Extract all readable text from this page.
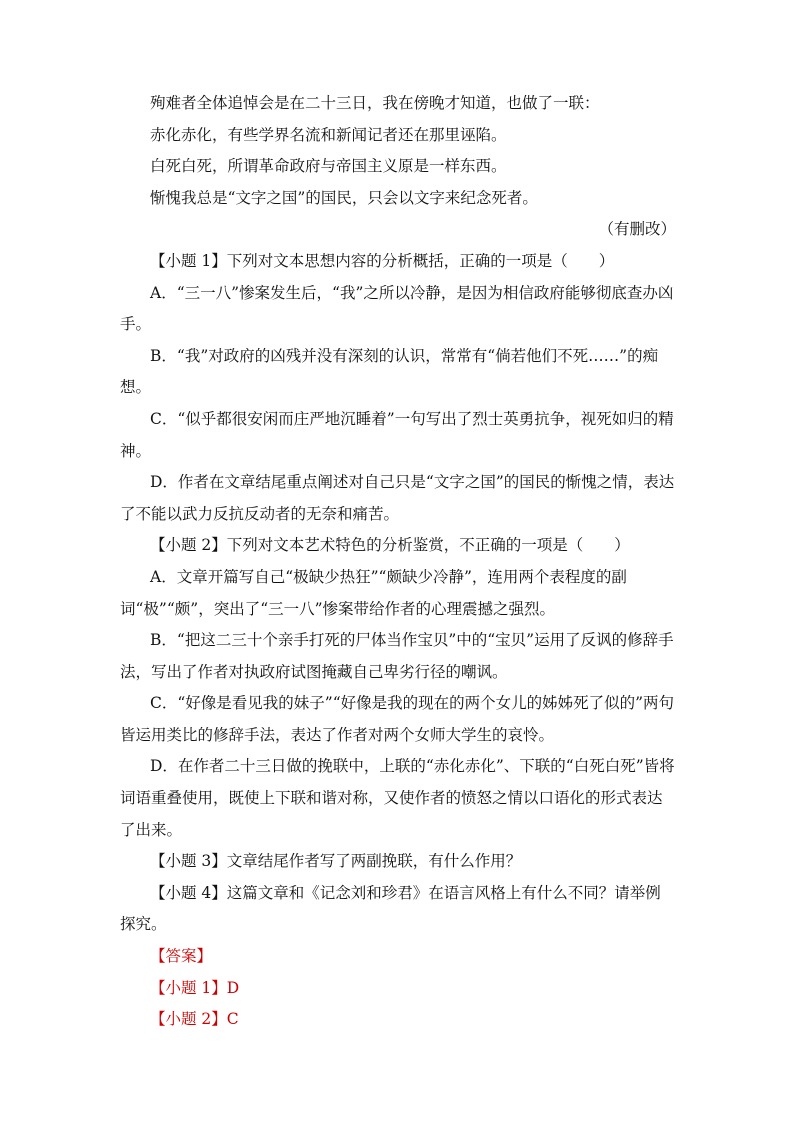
殉难者全体追悼会是在二十三日，我在傍晚才知道，也做了一联：

赤化赤化，有些学界名流和新闻记者还在那里诬陷。

白死白死，所谓革命政府与帝国主义原是一样东西。

惭愧我总是“文字之国”的国民，只会以文字来纪念死者。

（有删改）

【小题 1】下列对文本思想内容的分析概括，正确的一项是（　　）

A．“三一八”惨案发生后，“我”之所以冷静，是因为相信政府能够彻底查办凶手。

B．“我”对政府的凶残并没有深刻的认识，常常有“倘若他们不死……”的痴想。

C．“似乎都很安闲而庄严地沉睡着”一句写出了烈士英勇抗争，视死如归的精神。

D．作者在文章结尾重点阐述对自己只是“文字之国”的国民的惭愧之情，表达了不能以武力反抗反动者的无奈和痛苦。

【小题 2】下列对文本艺术特色的分析鉴赏，不正确的一项是（　　）

A．文章开篇写自己“极缺少热狂”“颇缺少冷静”，连用两个表程度的副词“极”“颇”，突出了“三一八”惨案带给作者的心理震撼之强烈。

B．“把这二三十个亲手打死的尸体当作宝贝”中的“宝贝”运用了反讽的修辞手法，写出了作者对执政府试图掩藏自己卑劣行径的嘲讽。

C．“好像是看见我的妹子”“好像是我的现在的两个女儿的姊姊死了似的”两句皆运用类比的修辞手法，表达了作者对两个女师大学生的哀怜。

D．在作者二十三日做的挽联中，上联的“赤化赤化”、下联的“白死白死”皆将词语重叠使用，既使上下联和谐对称，又使作者的愤怒之情以口语化的形式表达了出来。

【小题 3】文章结尾作者写了两副挽联，有什么作用？

【小题 4】这篇文章和《记念刘和珍君》在语言风格上有什么不同？请举例探究。

【答案】

【小题 1】D

【小题 2】C
